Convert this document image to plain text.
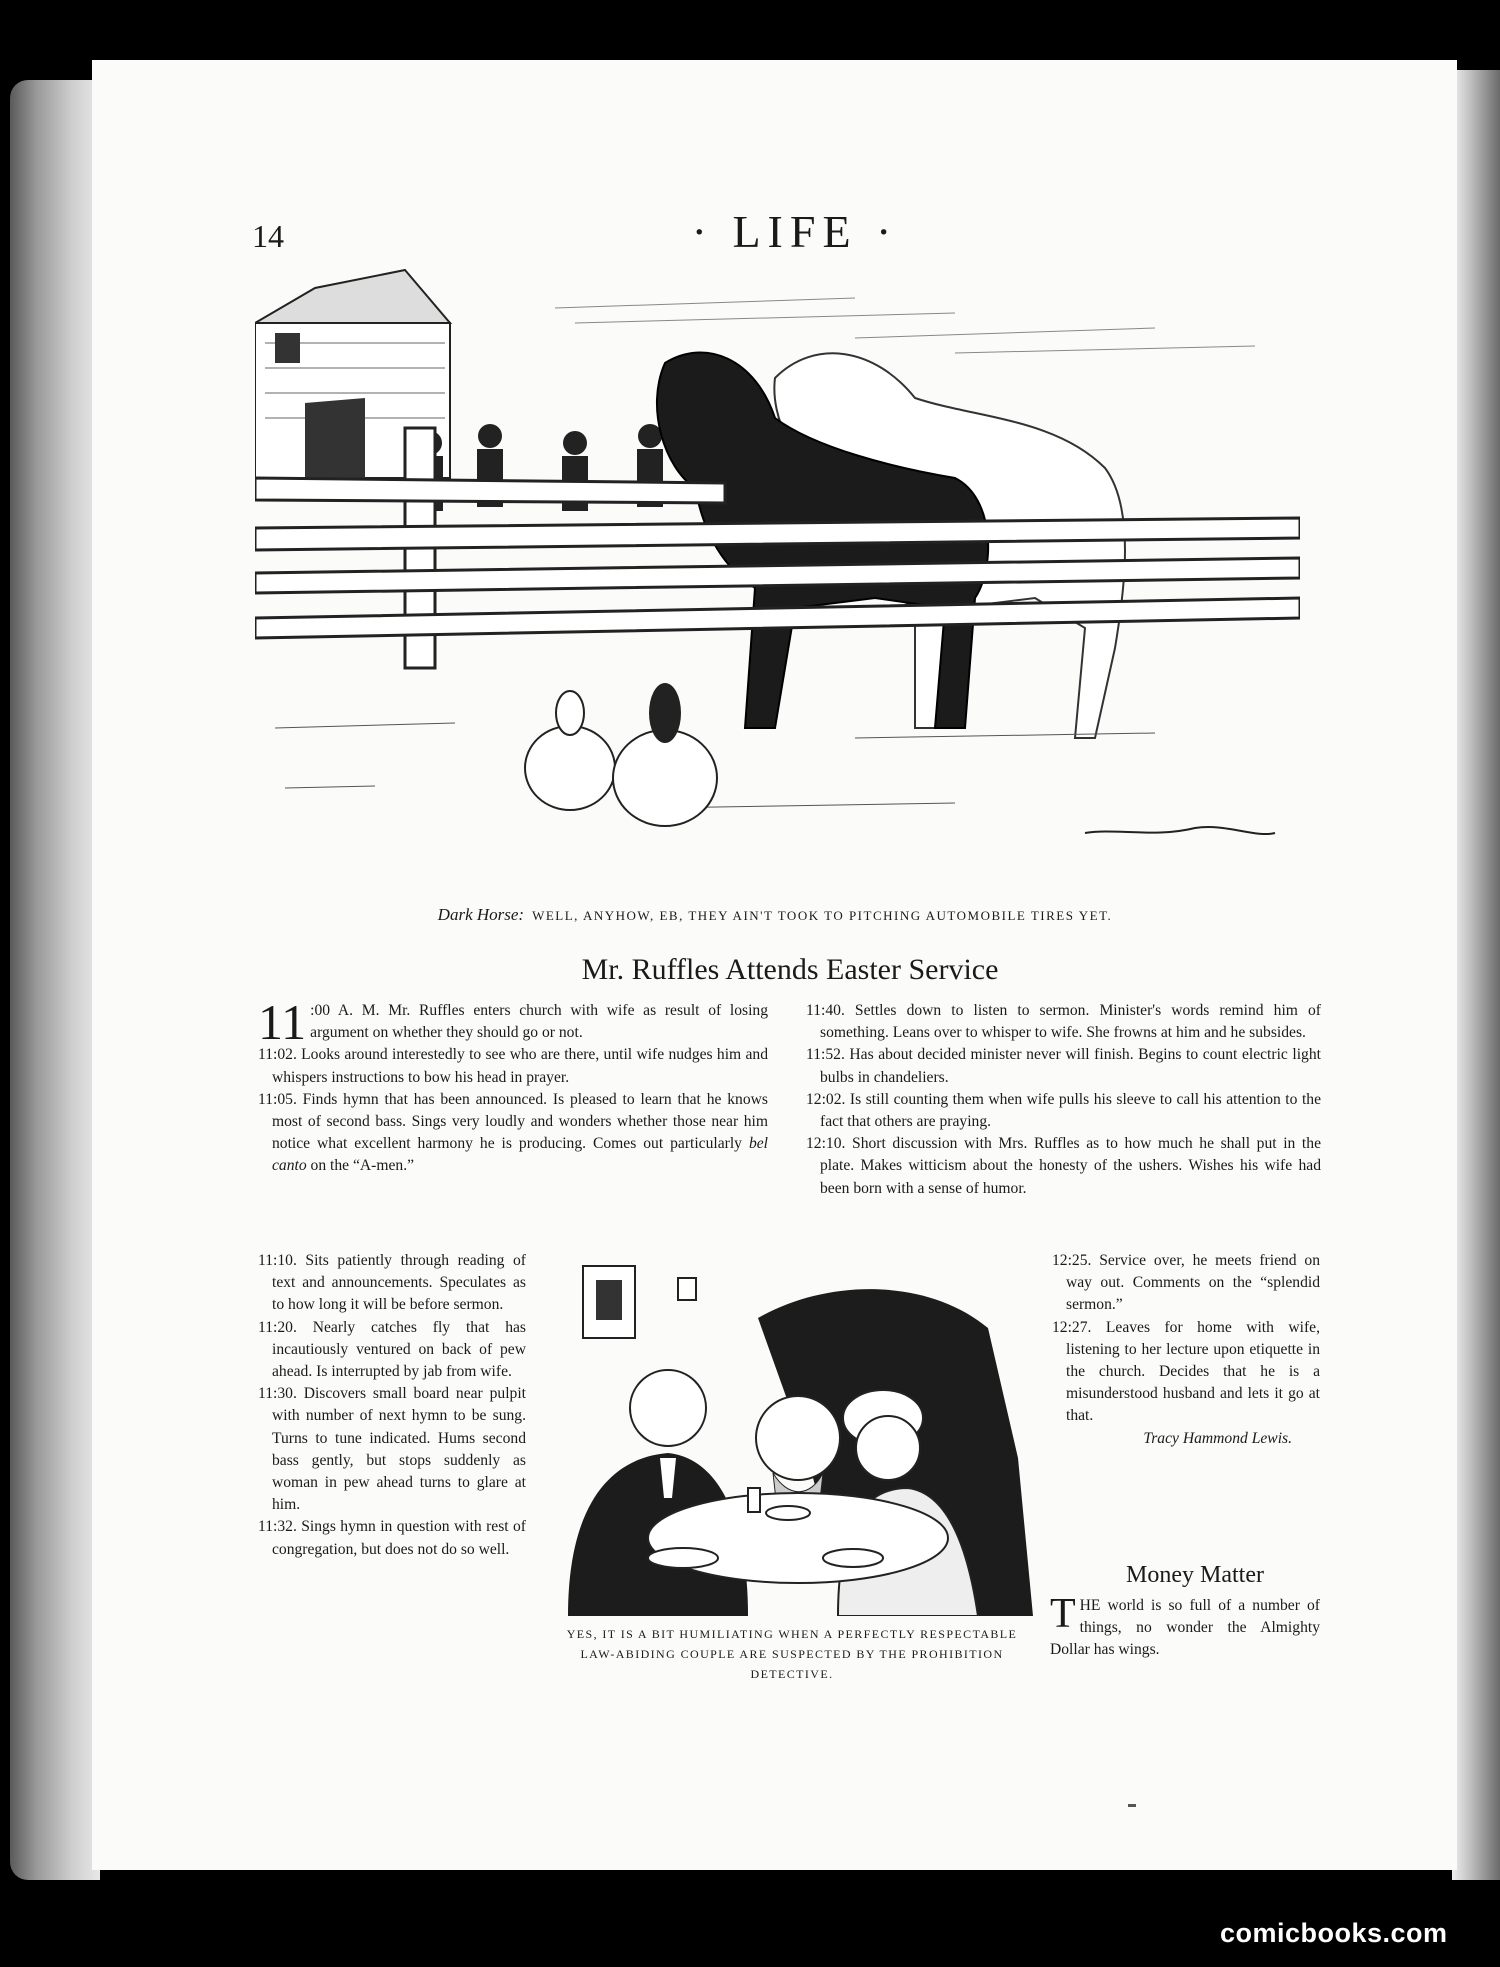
14	· LIFE ·
Dark Horse: WELL, ANYHOW, EB, THEY AIN'T TOOK TO PITCHING AUTOMOBILE TIRES YET.
Mr. Ruffles Attends Easter Service

11 :00 A. M. Mr. Ruffles enters church with wife as result of losing argument on whether they should go or not.

11:02. Looks around interestedly to see who are there, until wife nudges him and whispers instructions to bow his head in prayer.

11:05. Finds hymn that has been announced. Is pleased to learn that he knows most of second bass. Sings very loudly and wonders whether those near him notice what excellent harmony he is producing. Comes out particularly bel canto on the “A-men.”

11:10. Sits patiently through reading of text and announcements. Speculates as to how long it will be before sermon.

11:20. Nearly catches fly that has incautiously ventured on back of pew ahead. Is interrupted by jab from wife.

11:30. Discovers small board near pulpit with number of next hymn to be sung. Turns to tune indicated. Hums second bass gently, but stops suddenly as woman in pew ahead turns to glare at him.

11:32. Sings hymn in question with rest of congregation, but does not do so well.

11:40. Settles down to listen to sermon. Minister's words remind him of something. Leans over to whisper to wife. She frowns at him and he subsides.

11:52. Has about decided minister never will finish. Begins to count electric light bulbs in chandeliers.

12:02. Is still counting them when wife pulls his sleeve to call his attention to the fact that others are praying.

12:10. Short discussion with Mrs. Ruffles as to how much he shall put in the plate. Makes witticism about the honesty of the ushers. Wishes his wife had been born with a sense of humor.

12:25. Service over, he meets friend on way out. Comments on the “splendid sermon.”

12:27. Leaves for home with wife, listening to her lecture upon etiquette in the church. Decides that he is a misunderstood husband and lets it go at that.

Tracy Hammond Lewis.
YES, IT IS A BIT HUMILIATING WHEN A PERFECTLY RESPECTABLE LAW-ABIDING COUPLE ARE SUSPECTED BY THE PROHIBITION DETECTIVE.
Money Matter
THE world is so full of a number of things, no wonder the Almighty Dollar has wings.
comicbooks.com
